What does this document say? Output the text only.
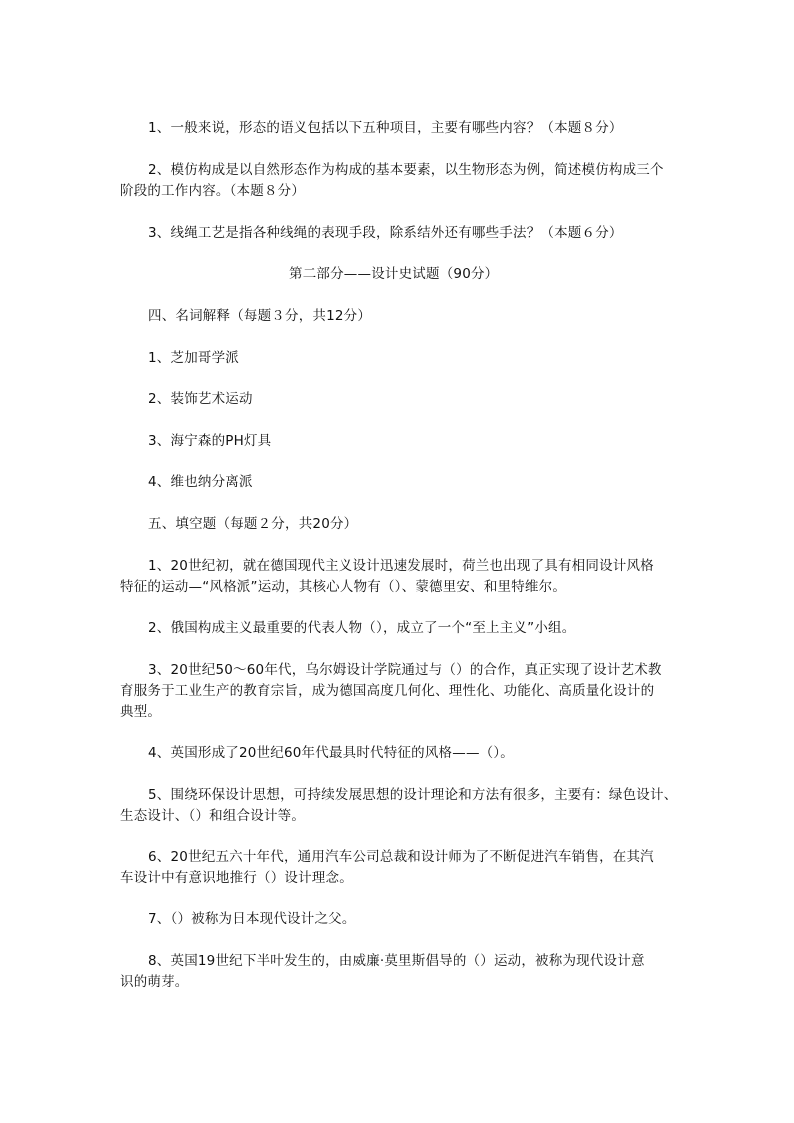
1、一般来说，形态的语义包括以下五种项目，主要有哪些内容？（本题８分）
2、模仿构成是以自然形态作为构成的基本要素，以生物形态为例，简述模仿构成三个
阶段的工作内容。（本题８分）
3、线绳工艺是指各种线绳的表现手段，除系结外还有哪些手法？（本题６分）
第二部分——设计史试题（90分）
四、名词解释（每题３分，共12分）
1、芝加哥学派
2、装饰艺术运动
3、海宁森的PH灯具
4、维也纳分离派
五、填空题（每题２分，共20分）
1、20世纪初，就在德国现代主义设计迅速发展时，荷兰也出现了具有相同设计风格
特征的运动—“风格派”运动，其核心人物有（）、蒙德里安、和里特维尔。
2、俄国构成主义最重要的代表人物（），成立了一个“至上主义”小组。
3、20世纪50～60年代，乌尔姆设计学院通过与（）的合作，真正实现了设计艺术教
育服务于工业生产的教育宗旨，成为德国高度几何化、理性化、功能化、高质量化设计的
典型。
4、英国形成了20世纪60年代最具时代特征的风格——（）。
5、围绕环保设计思想，可持续发展思想的设计理论和方法有很多，主要有：绿色设计、
生态设计、（）和组合设计等。
6、20世纪五六十年代，通用汽车公司总裁和设计师为了不断促进汽车销售，在其汽
车设计中有意识地推行（）设计理念。
7、（）被称为日本现代设计之父。
8、英国19世纪下半叶发生的，由威廉·莫里斯倡导的（）运动，被称为现代设计意
识的萌芽。
